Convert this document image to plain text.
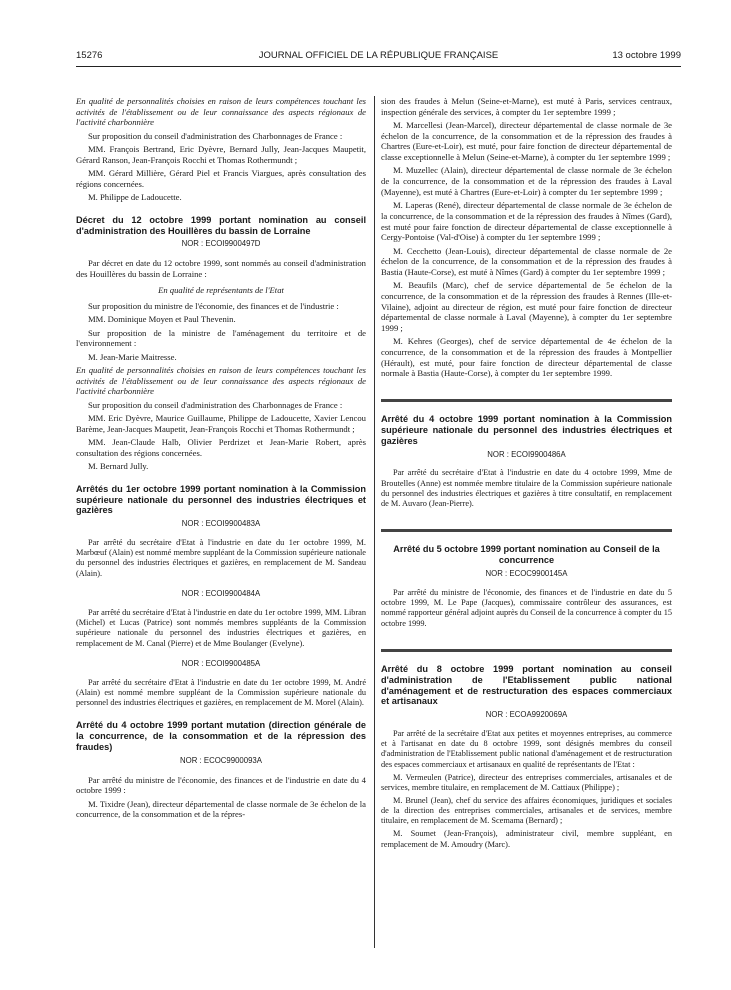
15276	JOURNAL OFFICIEL DE LA RÉPUBLIQUE FRANÇAISE	13 octobre 1999

En qualité de personnalités choisies en raison de leurs compétences touchant les activités de l'établissement ou de leur connaissance des aspects régionaux de l'activité charbonnière

Sur proposition du conseil d'administration des Charbonnages de France :

MM. François Bertrand, Eric Dyèvre, Bernard Jully, Jean-Jacques Maupetit, Gérard Ranson, Jean-François Rocchi et Thomas Rothermundt ;

MM. Gérard Millière, Gérard Piel et Francis Viargues, après consultation des régions concernées.

M. Philippe de Ladoucette.

Décret du 12 octobre 1999 portant nomination au conseil d'administration des Houillères du bassin de Lorraine
NOR : ECOI9900497D

Par décret en date du 12 octobre 1999, sont nommés au conseil d'administration des Houillères du bassin de Lorraine :

En qualité de représentants de l'Etat

Sur proposition du ministre de l'économie, des finances et de l'industrie :

MM. Dominique Moyen et Paul Thevenin.

Sur proposition de la ministre de l'aménagement du territoire et de l'environnement :

M. Jean-Marie Maitresse.

En qualité de personnalités choisies en raison de leurs compétences touchant les activités de l'établissement ou de leur connaissance des aspects régionaux de l'activité charbonnière

Sur proposition du conseil d'administration des Charbonnages de France :

MM. Eric Dyèvre, Maurice Guillaume, Philippe de Ladoucette, Xavier Lencou Barème, Jean-Jacques Maupetit, Jean-François Rocchi et Thomas Rothermundt ;

MM. Jean-Claude Halb, Olivier Perdrizet et Jean-Marie Robert, après consultation des régions concernées.

M. Bernard Jully.

Arrêtés du 1er octobre 1999 portant nomination à la Commission supérieure nationale du personnel des industries électriques et gazières
NOR : ECOI9900483A

Par arrêté du secrétaire d'Etat à l'industrie en date du 1er octobre 1999, M. Marbœuf (Alain) est nommé membre suppléant de la Commission supérieure nationale du personnel des industries électriques et gazières, en remplacement de M. Sandeau (Alain).

NOR : ECOI9900484A

Par arrêté du secrétaire d'Etat à l'industrie en date du 1er octobre 1999, MM. Libran (Michel) et Lucas (Patrice) sont nommés membres suppléants de la Commission supérieure nationale du personnel des industries électriques et gazières, en remplacement de M. Canal (Pierre) et de Mme Boulanger (Evelyne).

NOR : ECOI9900485A

Par arrêté du secrétaire d'Etat à l'industrie en date du 1er octobre 1999, M. André (Alain) est nommé membre suppléant de la Commission supérieure nationale du personnel des industries électriques et gazières, en remplacement de M. Morel (Alain).

Arrêté du 4 octobre 1999 portant mutation (direction générale de la concurrence, de la consommation et de la répression des fraudes)
NOR : ECOC9900093A

Par arrêté du ministre de l'économie, des finances et de l'industrie en date du 4 octobre 1999 :

M. Tixidre (Jean), directeur départemental de classe normale de 3e échelon de la concurrence, de la consommation et de la répres-

sion des fraudes à Melun (Seine-et-Marne), est muté à Paris, services centraux, inspection générale des services, à compter du 1er septembre 1999 ;

M. Marcellesi (Jean-Marcel), directeur départemental de classe normale de 3e échelon de la concurrence, de la consommation et de la répression des fraudes à Chartres (Eure-et-Loir), est muté, pour faire fonction de directeur départemental de classe exceptionnelle à Melun (Seine-et-Marne), à compter du 1er septembre 1999 ;

M. Muzellec (Alain), directeur départemental de classe normale de 3e échelon de la concurrence, de la consommation et de la répression des fraudes à Laval (Mayenne), est muté à Chartres (Eure-et-Loir) à compter du 1er septembre 1999 ;

M. Laperas (René), directeur départemental de classe normale de 3e échelon de la concurrence, de la consommation et de la répression des fraudes à Nîmes (Gard), est muté pour faire fonction de directeur départemental de classe exceptionnelle à Cergy-Pontoise (Val-d'Oise) à compter du 1er septembre 1999 ;

M. Cecchetto (Jean-Louis), directeur départemental de classe normale de 2e échelon de la concurrence, de la consommation et de la répression des fraudes à Bastia (Haute-Corse), est muté à Nîmes (Gard) à compter du 1er septembre 1999 ;

M. Beaufils (Marc), chef de service départemental de 5e échelon de la concurrence, de la consommation et de la répression des fraudes à Rennes (Ille-et-Vilaine), adjoint au directeur de région, est muté pour faire fonction de directeur départemental de classe normale à Laval (Mayenne), à compter du 1er septembre 1999 ;

M. Kehres (Georges), chef de service départemental de 4e échelon de la concurrence, de la consommation et de la répression des fraudes à Montpellier (Hérault), est muté, pour faire fonction de directeur départemental de classe normale à Bastia (Haute-Corse), à compter du 1er septembre 1999.

Arrêté du 4 octobre 1999 portant nomination à la Commission supérieure nationale du personnel des industries électriques et gazières
NOR : ECOI9900486A

Par arrêté du secrétaire d'Etat à l'industrie en date du 4 octobre 1999, Mme de Broutelles (Anne) est nommée membre titulaire de la Commission supérieure nationale du personnel des industries électriques et gazières à titre consultatif, en remplacement de M. Auvaro (Jean-Pierre).

Arrêté du 5 octobre 1999 portant nomination au Conseil de la concurrence
NOR : ECOC9900145A

Par arrêté du ministre de l'économie, des finances et de l'industrie en date du 5 octobre 1999, M. Le Pape (Jacques), commissaire contrôleur des assurances, est nommé rapporteur général adjoint auprès du Conseil de la concurrence à compter du 15 octobre 1999.

Arrêté du 8 octobre 1999 portant nomination au conseil d'administration de l'Etablissement public national d'aménagement et de restructuration des espaces commerciaux et artisanaux
NOR : ECOA9920069A

Par arrêté de la secrétaire d'Etat aux petites et moyennes entreprises, au commerce et à l'artisanat en date du 8 octobre 1999, sont désignés membres du conseil d'administration de l'Etablissement public national d'aménagement et de restructuration des espaces commerciaux et artisanaux en qualité de représentants de l'Etat :

M. Vermeulen (Patrice), directeur des entreprises commerciales, artisanales et de services, membre titulaire, en remplacement de M. Cattiaux (Philippe) ;

M. Brunel (Jean), chef du service des affaires économiques, juridiques et sociales de la direction des entreprises commerciales, artisanales et de services, membre titulaire, en remplacement de M. Scemama (Bernard) ;

M. Soumet (Jean-François), administrateur civil, membre suppléant, en remplacement de M. Amoudry (Marc).
